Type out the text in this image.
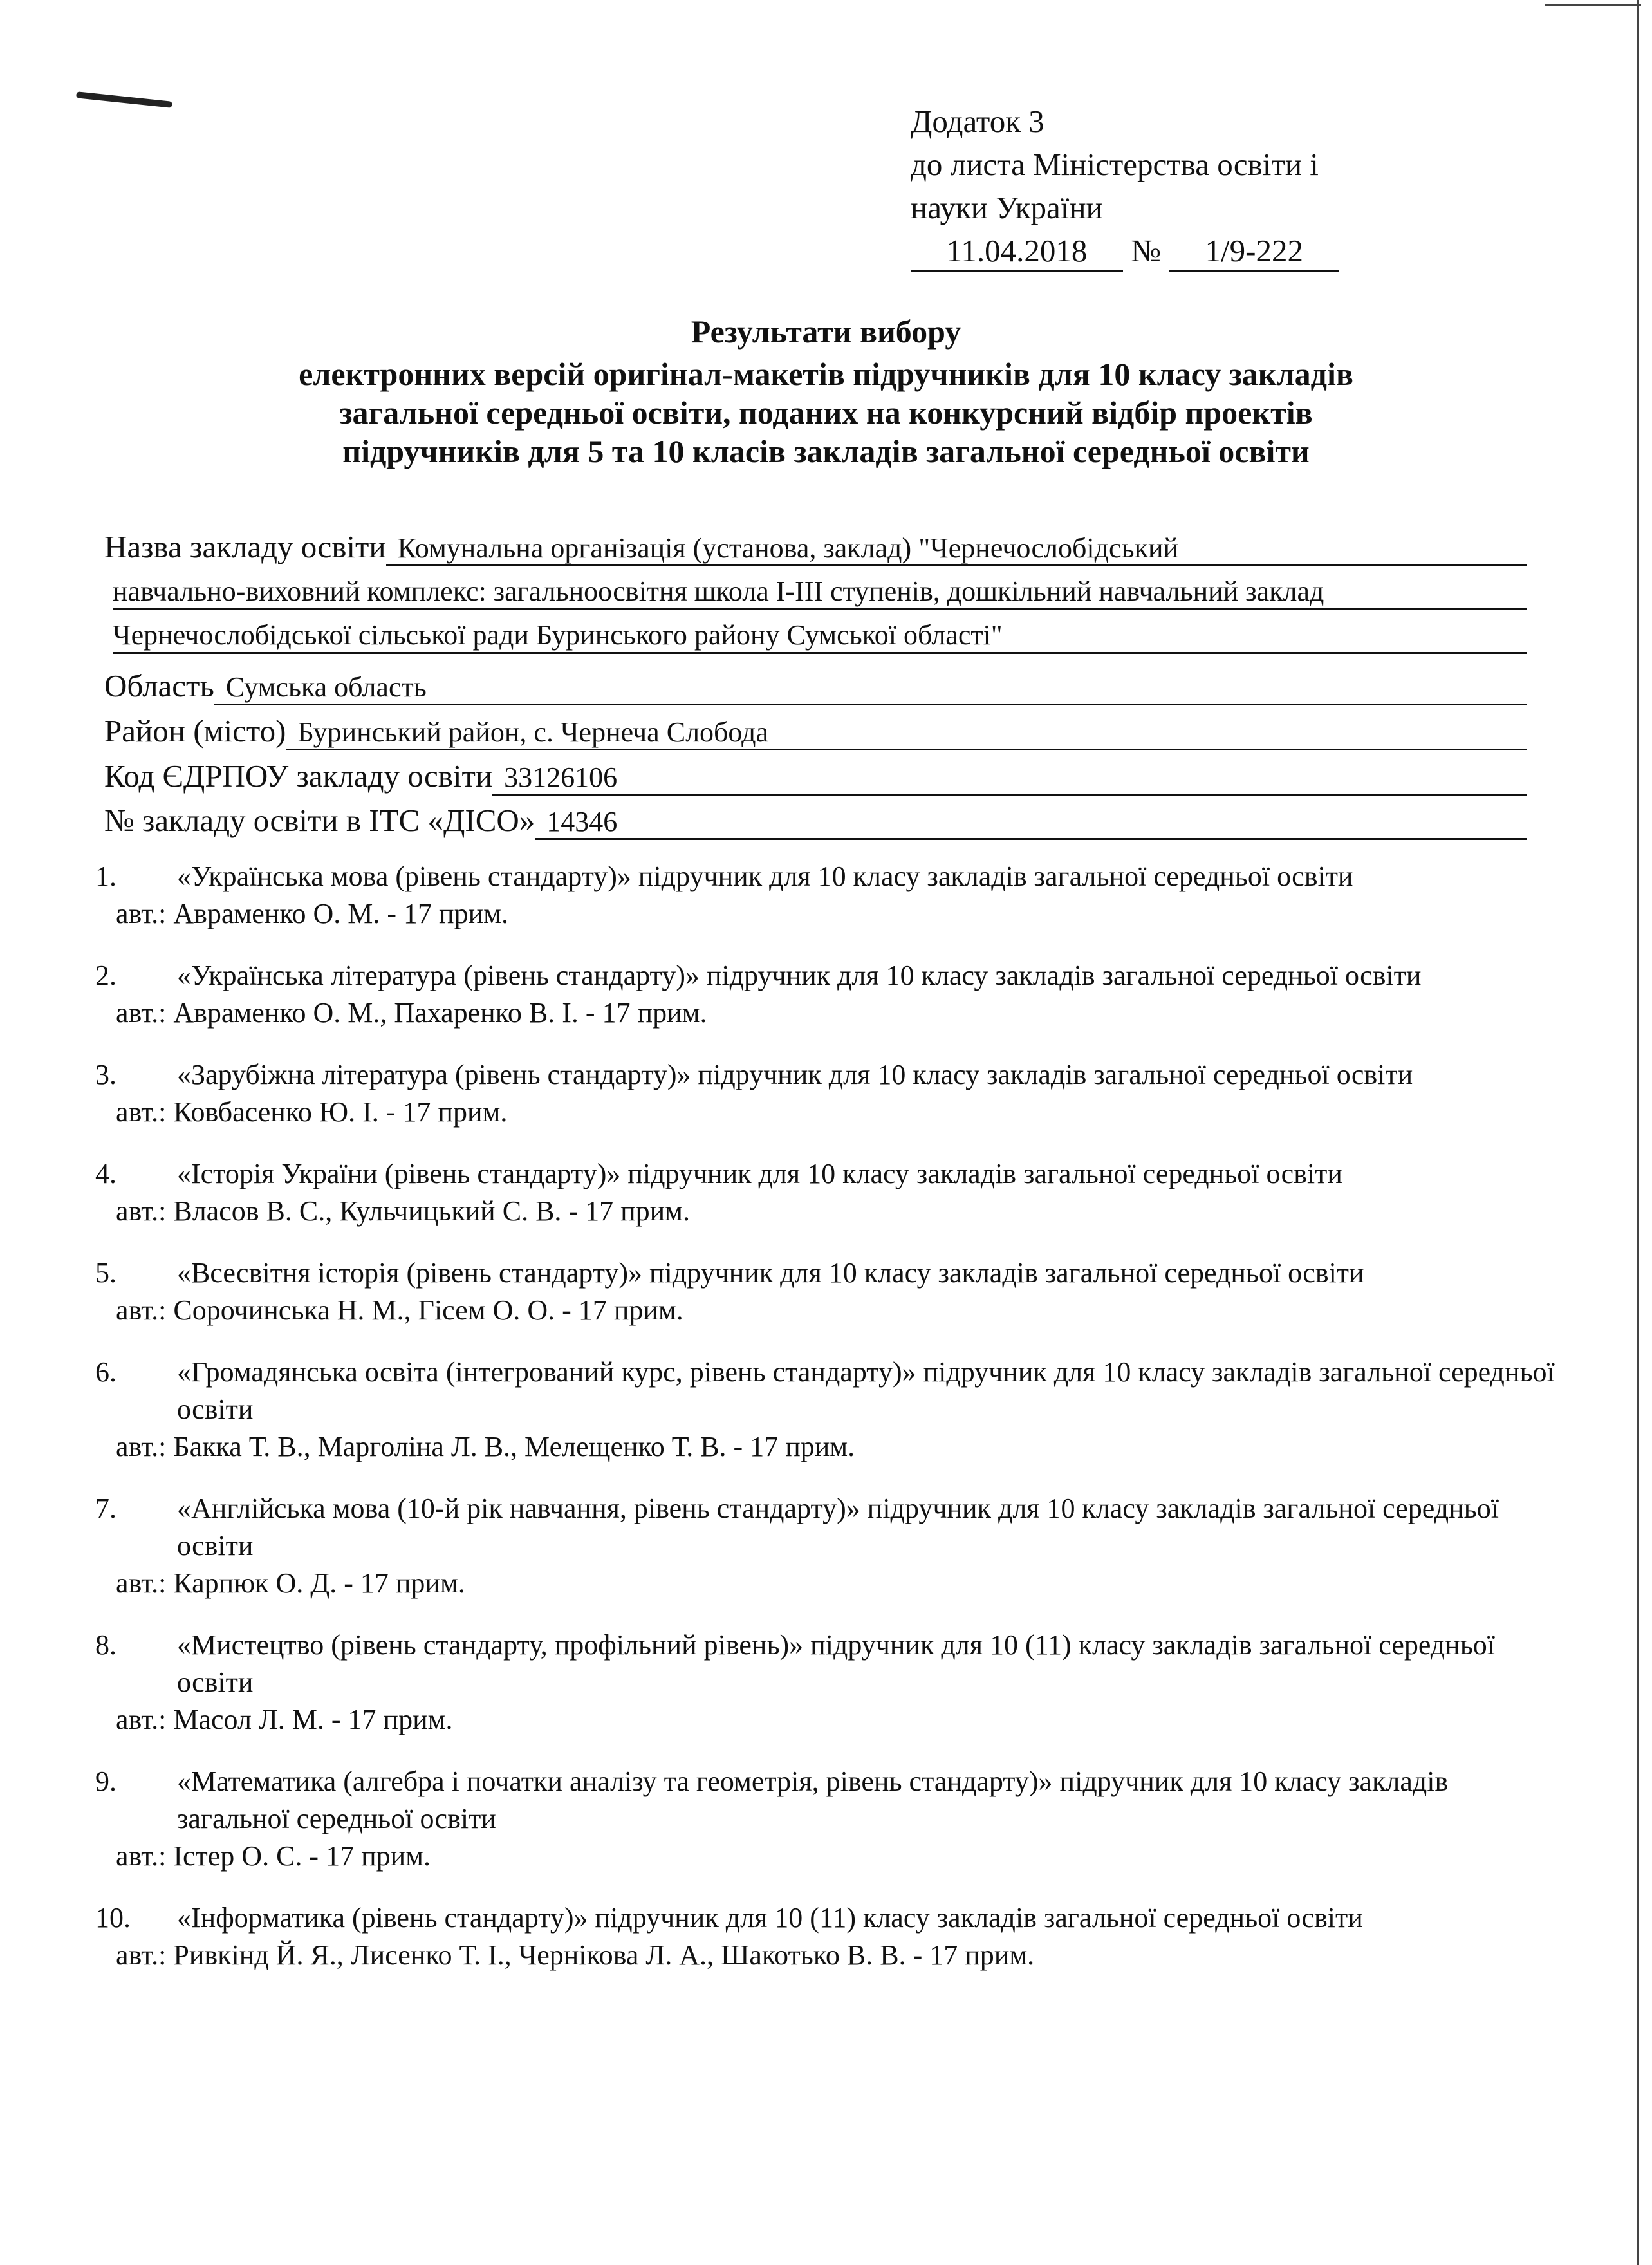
Додаток 3
до листа Міністерства освіти і
науки України
11.04.2018 № 1/9-222
Результати вибору
електронних версій оригінал-макетів підручників для 10 класу закладів
загальної середньої освіти, поданих на конкурсний відбір проектів
підручників для 5 та 10 класів закладів загальної середньої освіти
Назва закладу освіти Комунальна організація (установа, заклад) "Чернечослобідський
навчально-виховний комплекс: загальноосвітня школа І-ІІІ ступенів, дошкільний навчальний заклад
Чернечослобідської сільської ради Буринського району Сумської області"
Область Сумська область
Район (місто) Буринський район, с. Чернеча Слобода
Код ЄДРПОУ закладу освіти 33126106
№ закладу освіти в ІТС «ДІСО» 14346
1.	«Українська мова (рівень стандарту)» підручник для 10 класу закладів загальної середньої освіти
авт.: Авраменко О. М. - 17 прим.
2.	«Українська література (рівень стандарту)» підручник для 10 класу закладів загальної середньої освіти
авт.: Авраменко О. М., Пахаренко В. І. - 17 прим.
3.	«Зарубіжна література (рівень стандарту)» підручник для 10 класу закладів загальної середньої освіти
авт.: Ковбасенко Ю. І. - 17 прим.
4.	«Історія України (рівень стандарту)» підручник для 10 класу закладів загальної середньої освіти
авт.: Власов В. С., Кульчицький С. В. - 17 прим.
5.	«Всесвітня історія (рівень стандарту)» підручник для 10 класу закладів загальної середньої освіти
авт.: Сорочинська Н. М., Гісем О. О. - 17 прим.
6.	«Громадянська освіта (інтегрований курс, рівень стандарту)» підручник для 10 класу закладів загальної середньої освіти
авт.: Бакка Т. В., Марголіна Л. В., Мелещенко Т. В. - 17 прим.
7.	«Англійська мова (10-й рік навчання, рівень стандарту)» підручник для 10 класу закладів загальної середньої освіти
авт.: Карпюк О. Д. - 17 прим.
8.	«Мистецтво (рівень стандарту, профільний рівень)» підручник для 10 (11) класу закладів загальної середньої освіти
авт.: Масол Л. М. - 17 прим.
9.	«Математика (алгебра і початки аналізу та геометрія, рівень стандарту)» підручник для 10 класу закладів загальної середньої освіти
авт.: Істер О. С. - 17 прим.
10.	«Інформатика (рівень стандарту)» підручник для 10 (11) класу закладів загальної середньої освіти
авт.: Ривкінд Й. Я., Лисенко Т. І., Чернікова Л. А., Шакотько В. В. - 17 прим.
